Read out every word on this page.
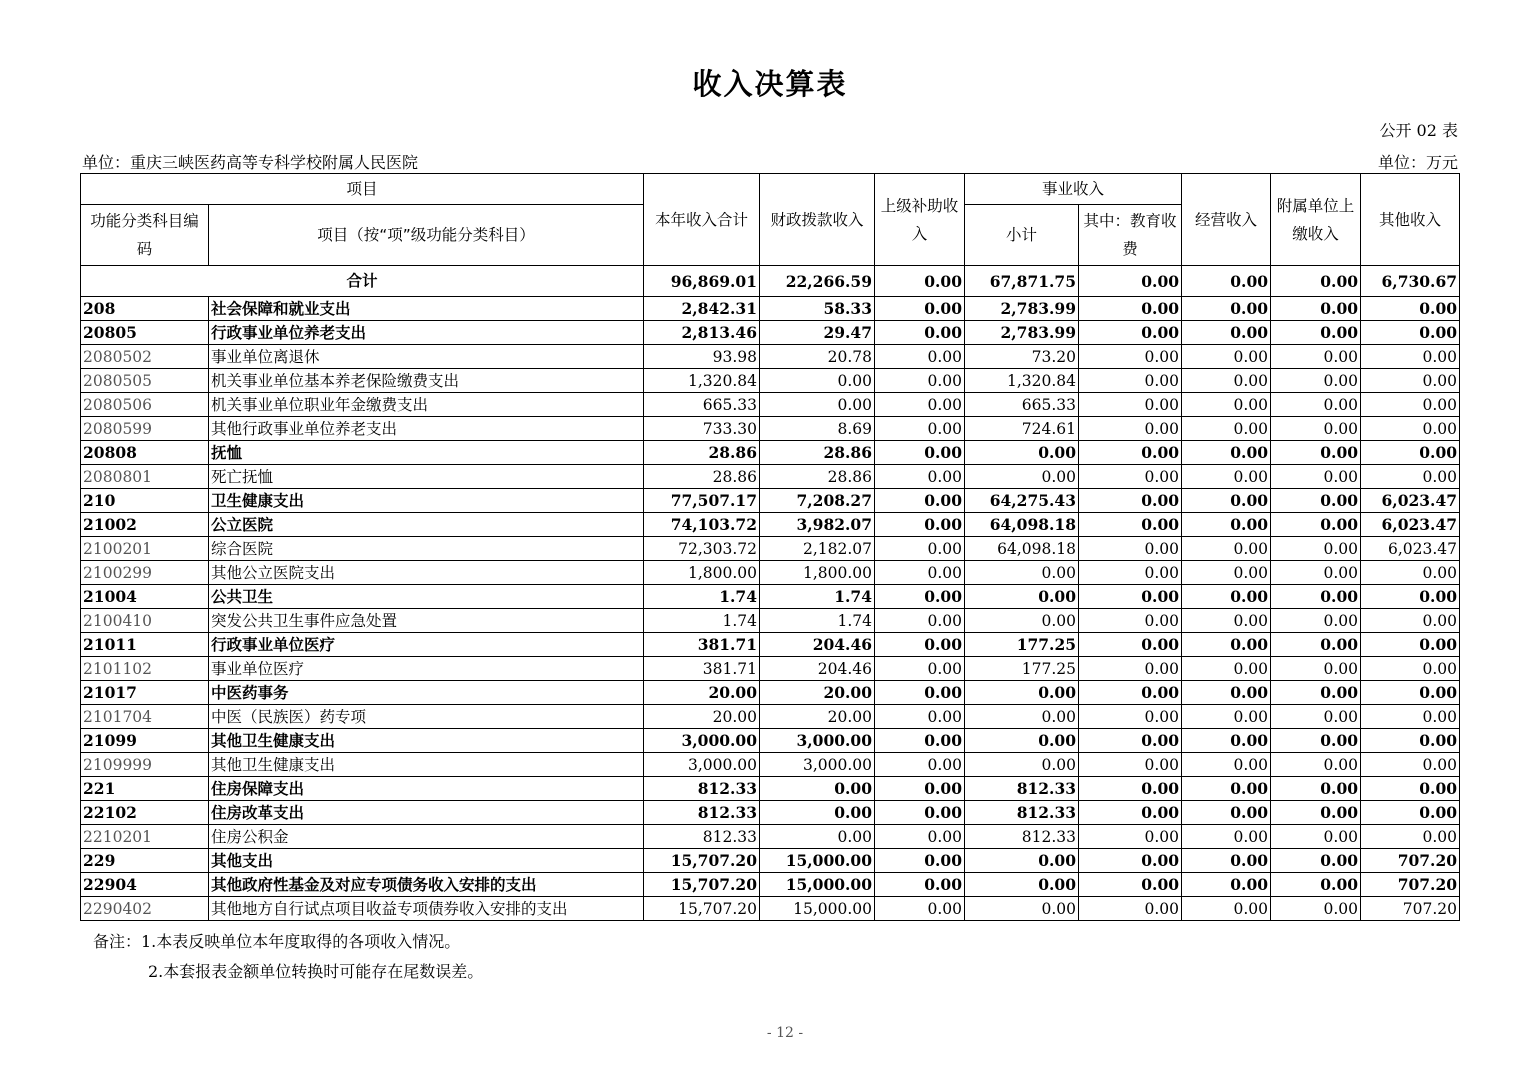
收入决算表
公开 02 表
单位：重庆三峡医药高等专科学校附属人民医院	单位：万元
项目		本年收入合计	财政拨款收入	上级补助收入	事业收入		经营收入	附属单位上缴收入	其他收入
功能分类科目编码	项目（按“项”级功能分类科目）				小计	其中：教育收费			
合计		96,869.01	22,266.59	0.00	67,871.75	0.00	0.00	0.00	6,730.67
208	社会保障和就业支出	2,842.31	58.33	0.00	2,783.99	0.00	0.00	0.00	0.00
20805	行政事业单位养老支出	2,813.46	29.47	0.00	2,783.99	0.00	0.00	0.00	0.00
2080502	事业单位离退休	93.98	20.78	0.00	73.20	0.00	0.00	0.00	0.00
2080505	机关事业单位基本养老保险缴费支出	1,320.84	0.00	0.00	1,320.84	0.00	0.00	0.00	0.00
2080506	机关事业单位职业年金缴费支出	665.33	0.00	0.00	665.33	0.00	0.00	0.00	0.00
2080599	其他行政事业单位养老支出	733.30	8.69	0.00	724.61	0.00	0.00	0.00	0.00
20808	抚恤	28.86	28.86	0.00	0.00	0.00	0.00	0.00	0.00
2080801	死亡抚恤	28.86	28.86	0.00	0.00	0.00	0.00	0.00	0.00
210	卫生健康支出	77,507.17	7,208.27	0.00	64,275.43	0.00	0.00	0.00	6,023.47
21002	公立医院	74,103.72	3,982.07	0.00	64,098.18	0.00	0.00	0.00	6,023.47
2100201	综合医院	72,303.72	2,182.07	0.00	64,098.18	0.00	0.00	0.00	6,023.47
2100299	其他公立医院支出	1,800.00	1,800.00	0.00	0.00	0.00	0.00	0.00	0.00
21004	公共卫生	1.74	1.74	0.00	0.00	0.00	0.00	0.00	0.00
2100410	突发公共卫生事件应急处置	1.74	1.74	0.00	0.00	0.00	0.00	0.00	0.00
21011	行政事业单位医疗	381.71	204.46	0.00	177.25	0.00	0.00	0.00	0.00
2101102	事业单位医疗	381.71	204.46	0.00	177.25	0.00	0.00	0.00	0.00
21017	中医药事务	20.00	20.00	0.00	0.00	0.00	0.00	0.00	0.00
2101704	中医（民族医）药专项	20.00	20.00	0.00	0.00	0.00	0.00	0.00	0.00
21099	其他卫生健康支出	3,000.00	3,000.00	0.00	0.00	0.00	0.00	0.00	0.00
2109999	其他卫生健康支出	3,000.00	3,000.00	0.00	0.00	0.00	0.00	0.00	0.00
221	住房保障支出	812.33	0.00	0.00	812.33	0.00	0.00	0.00	0.00
22102	住房改革支出	812.33	0.00	0.00	812.33	0.00	0.00	0.00	0.00
2210201	住房公积金	812.33	0.00	0.00	812.33	0.00	0.00	0.00	0.00
229	其他支出	15,707.20	15,000.00	0.00	0.00	0.00	0.00	0.00	707.20
22904	其他政府性基金及对应专项债务收入安排的支出	15,707.20	15,000.00	0.00	0.00	0.00	0.00	0.00	707.20
2290402	其他地方自行试点项目收益专项债券收入安排的支出	15,707.20	15,000.00	0.00	0.00	0.00	0.00	0.00	707.20
备注：1.本表反映单位本年度取得的各项收入情况。
2.本套报表金额单位转换时可能存在尾数误差。
- 12 -
